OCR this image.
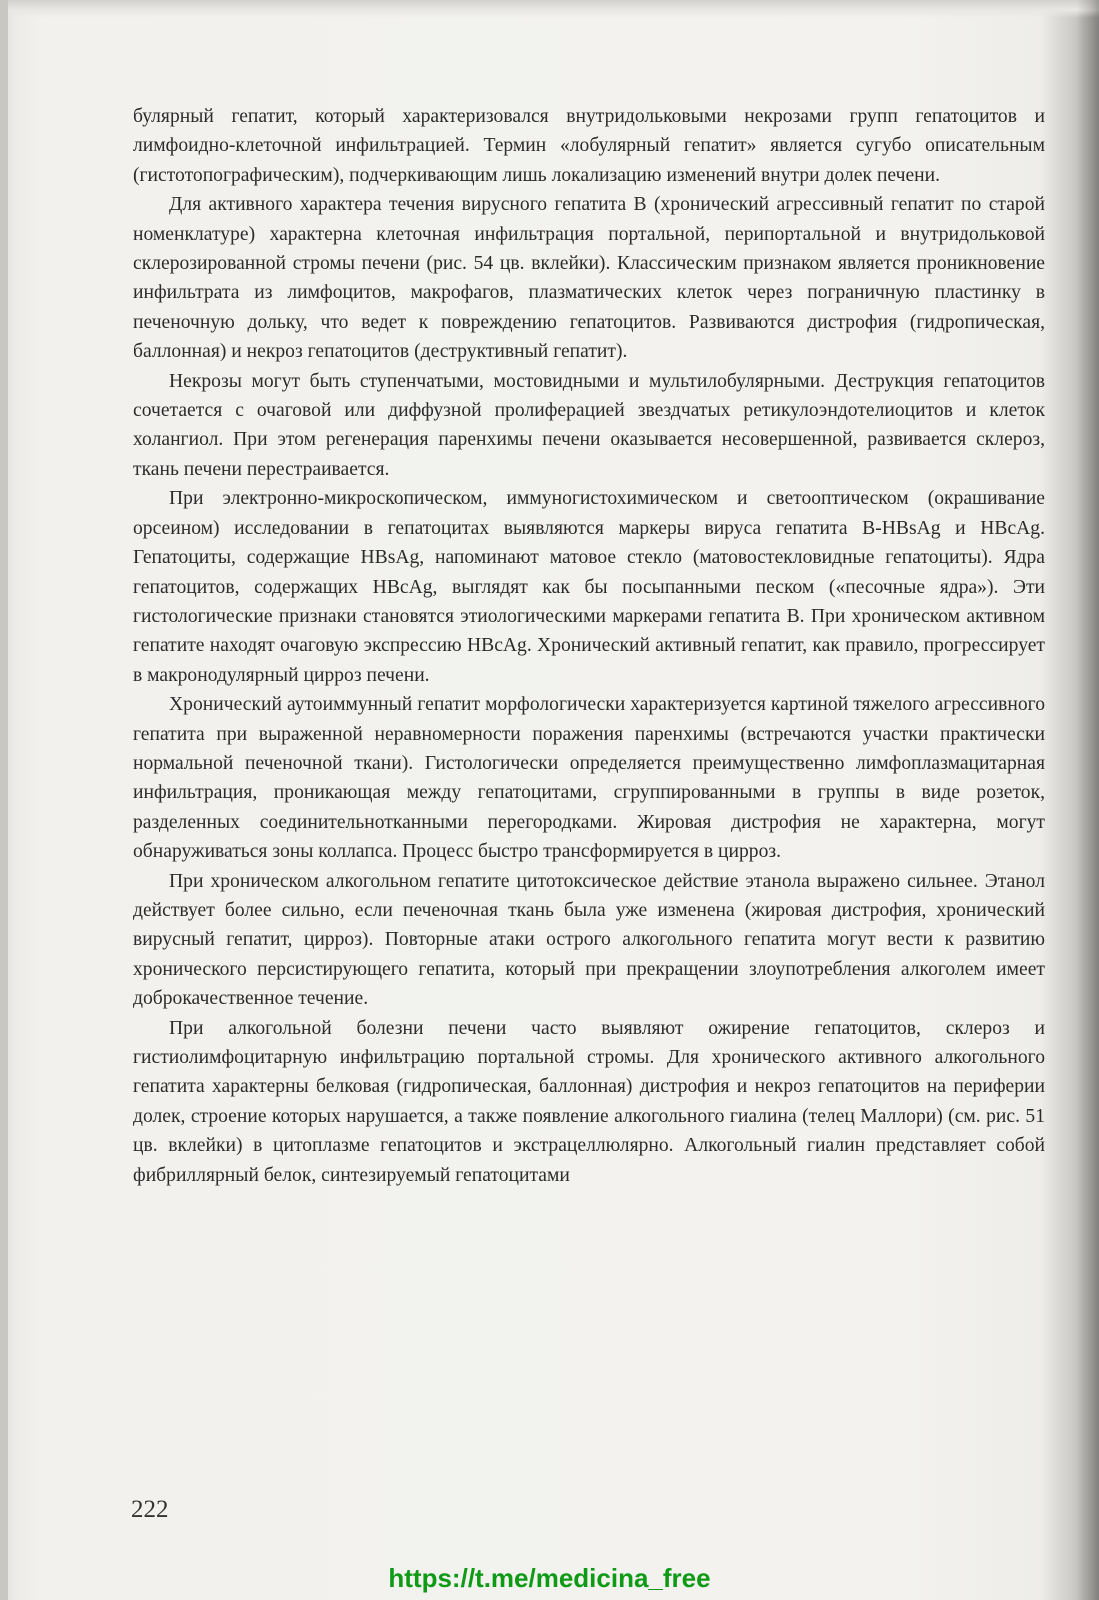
булярный гепатит, который характеризовался внутридольковыми некрозами групп гепатоцитов и лимфоидно-клеточной инфильтрацией. Термин «лобулярный гепатит» является сугубо описательным (гистотопографическим), подчеркивающим лишь локализацию изменений внутри долек печени.

Для активного характера течения вирусного гепатита В (хронический агрессивный гепатит по старой номенклатуре) характерна клеточная инфильтрация портальной, перипортальной и внутридольковой склерозированной стромы печени (рис. 54 цв. вклейки). Классическим признаком является проникновение инфильтрата из лимфоцитов, макрофагов, плазматических клеток через пограничную пластинку в печеночную дольку, что ведет к повреждению гепатоцитов. Развиваются дистрофия (гидропическая, баллонная) и некроз гепатоцитов (деструктивный гепатит).

Некрозы могут быть ступенчатыми, мостовидными и мультилобулярными. Деструкция гепатоцитов сочетается с очаговой или диффузной пролиферацией звездчатых ретикулоэндотелиоцитов и клеток холангиол. При этом регенерация паренхимы печени оказывается несовершенной, развивается склероз, ткань печени перестраивается.

При электронно-микроскопическом, иммуногистохимическом и светооптическом (окрашивание орсеином) исследовании в гепатоцитах выявляются маркеры вируса гепатита В-HBsAg и HBcAg. Гепатоциты, содержащие HBsAg, напоминают матовое стекло (матовостекловидные гепатоциты). Ядра гепатоцитов, содержащих HBcAg, выглядят как бы посыпанными песком («песочные ядра»). Эти гистологические признаки становятся этиологическими маркерами гепатита В. При хроническом активном гепатите находят очаговую экспрессию HBcAg. Хронический активный гепатит, как правило, прогрессирует в макронодулярный цирроз печени.

Хронический аутоиммунный гепатит морфологически характеризуется картиной тяжелого агрессивного гепатита при выраженной неравномерности поражения паренхимы (встречаются участки практически нормальной печеночной ткани). Гистологически определяется преимущественно лимфоплазмацитарная инфильтрация, проникающая между гепатоцитами, сгруппированными в группы в виде розеток, разделенных соединительнотканными перегородками. Жировая дистрофия не характерна, могут обнаруживаться зоны коллапса. Процесс быстро трансформируется в цирроз.

При хроническом алкогольном гепатите цитотоксическое действие этанола выражено сильнее. Этанол действует более сильно, если печеночная ткань была уже изменена (жировая дистрофия, хронический вирусный гепатит, цирроз). Повторные атаки острого алкогольного гепатита могут вести к развитию хронического персистирующего гепатита, который при прекращении злоупотребления алкоголем имеет доброкачественное течение.

При алкогольной болезни печени часто выявляют ожирение гепатоцитов, склероз и гистиолимфоцитарную инфильтрацию портальной стромы. Для хронического активного алкогольного гепатита характерны белковая (гидропическая, баллонная) дистрофия и некроз гепатоцитов на периферии долек, строение которых нарушается, а также появление алкогольного гиалина (телец Маллори) (см. рис. 51 цв. вклейки) в цитоплазме гепатоцитов и экстрацеллюлярно. Алкогольный гиалин представляет собой фибриллярный белок, синтезируемый гепатоцитами

222
https://t.me/medicina_free
